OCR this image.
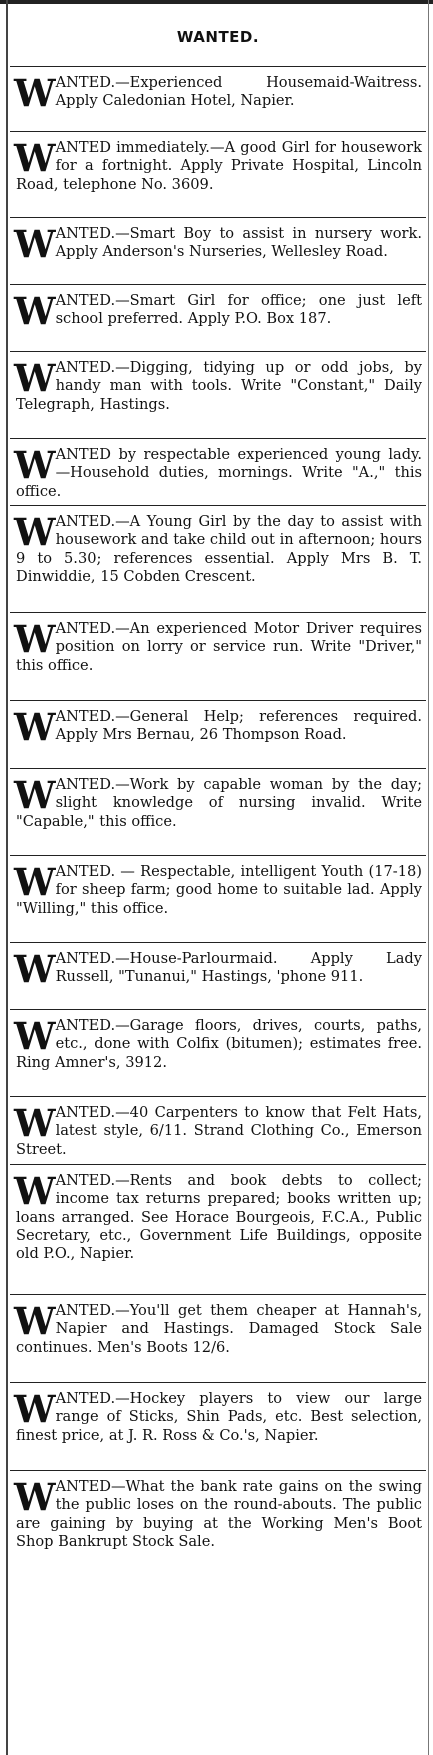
WANTED.
W ANTED.—Experienced Housemaid-Waitress. Apply Caledonian Hotel, Napier.
W ANTED immediately.—A good Girl for housework for a fortnight. Apply Private Hospital, Lincoln Road, telephone No. 3609.
W ANTED.—Smart Boy to assist in nursery work. Apply Anderson's Nurseries, Wellesley Road.
W ANTED.—Smart Girl for office; one just left school preferred. Apply P.O. Box 187.
W ANTED.—Digging, tidying up or odd jobs, by handy man with tools. Write "Constant," Daily Telegraph, Hastings.
W ANTED by respectable experienced young lady.—Household duties, mornings. Write "A.," this office.
W ANTED.—A Young Girl by the day to assist with housework and take child out in afternoon; hours 9 to 5.30; references essential. Apply Mrs B. T. Dinwiddie, 15 Cobden Crescent.
W ANTED.—An experienced Motor Driver requires position on lorry or service run. Write "Driver," this office.
W ANTED.—General Help; references required. Apply Mrs Bernau, 26 Thompson Road.
W ANTED.—Work by capable woman by the day; slight knowledge of nursing invalid. Write "Capable," this office.
W ANTED. — Respectable, intelligent Youth (17-18) for sheep farm; good home to suitable lad. Apply "Willing," this office.
W ANTED.—House-Parlourmaid. Apply Lady Russell, "Tunanui," Hastings, 'phone 911.
W ANTED.—Garage floors, drives, courts, paths, etc., done with Colfix (bitumen); estimates free. Ring Amner's, 3912.
W ANTED.—40 Carpenters to know that Felt Hats, latest style, 6/11. Strand Clothing Co., Emerson Street.
W ANTED.—Rents and book debts to collect; income tax returns prepared; books written up; loans arranged. See Horace Bourgeois, F.C.A., Public Secretary, etc., Government Life Buildings, opposite old P.O., Napier.
W ANTED.—You'll get them cheaper at Hannah's, Napier and Hastings. Damaged Stock Sale continues. Men's Boots 12/6.
W ANTED.—Hockey players to view our large range of Sticks, Shin Pads, etc. Best selection, finest price, at J. R. Ross & Co.'s, Napier.
W ANTED—What the bank rate gains on the swing the public loses on the round-abouts. The public are gaining by buying at the Working Men's Boot Shop Bankrupt Stock Sale.
